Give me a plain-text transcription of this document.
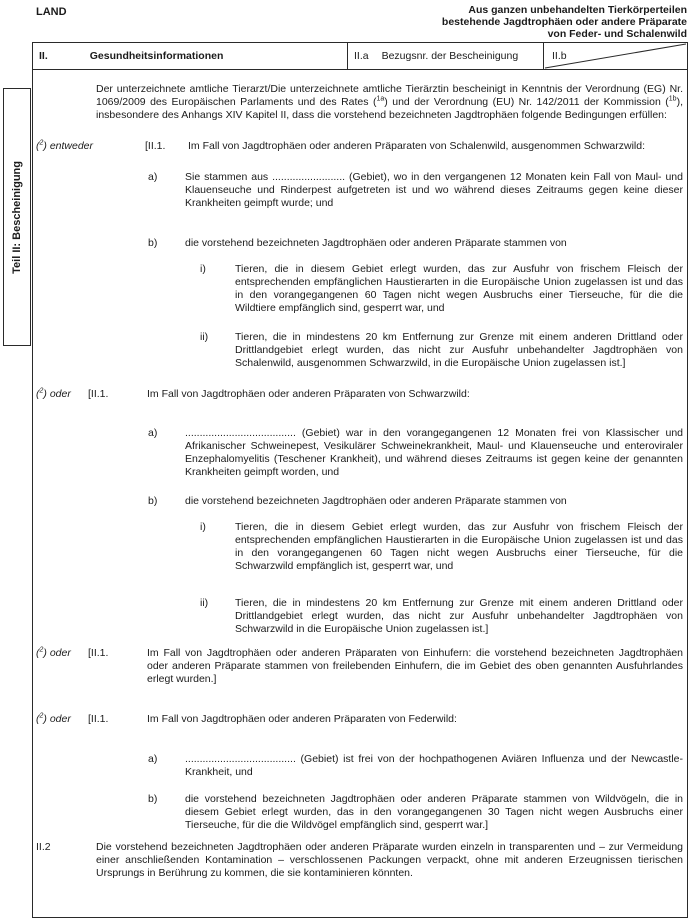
LAND	Aus ganzen unbehandelten Tierkörperteilen
bestehende Jagdtrophäen oder andere Präparate
von Feder- und Schalenwild
Teil II: Bescheinigung
II.	Gesundheitsinformationen	II.a Bezugsnr. der Bescheinigung	II.b
Der unterzeichnete amtliche Tierarzt/Die unterzeichnete amtliche Tierärztin bescheinigt in Kenntnis der Verordnung (EG) Nr. 1069/2009 des Europäischen Parlaments und des Rates ($^{1a}$) und der Verordnung (EU) Nr. 142/2011 der Kommission ($^{1b}$), insbesondere des Anhangs XIV Kapitel II, dass die vorstehend bezeichneten Jagdtrophäen folgende Bedingungen erfüllen:
($^2$) entweder	[II.1. Im Fall von Jagdtrophäen oder anderen Präparaten von Schalenwild, ausgenommen Schwarzwild:
a)	Sie stammen aus ......................... (Gebiet), wo in den vergangenen 12 Monaten kein Fall von Maul- und Klauenseuche und Rinderpest aufgetreten ist und wo während dieses Zeitraums gegen keine dieser Krankheiten geimpft wurde; und
b)	die vorstehend bezeichneten Jagdtrophäen oder anderen Präparate stammen von
i)	Tieren, die in diesem Gebiet erlegt wurden, das zur Ausfuhr von frischem Fleisch der entsprechenden empfänglichen Haustierarten in die Europäische Union zugelassen ist und das in den vorangegangenen 60 Tagen nicht wegen Ausbruchs einer Tierseuche, für die die Wildtiere empfänglich sind, gesperrt war, und
ii)	Tieren, die in mindestens 20 km Entfernung zur Grenze mit einem anderen Drittland oder Drittlandgebiet erlegt wurden, das nicht zur Ausfuhr unbehandelter Jagdtrophäen von Schalenwild, ausgenommen Schwarzwild, in die Europäische Union zugelassen ist.]
($^2$) oder [II.1.	Im Fall von Jagdtrophäen oder anderen Präparaten von Schwarzwild:
a)	...................................... (Gebiet) war in den vorangegangenen 12 Monaten frei von Klassischer und Afrikanischer Schweinepest, Vesikulärer Schweinekrankheit, Maul- und Klauenseuche und enteroviraler Enzephalomyelitis (Teschener Krankheit), und während dieses Zeitraums ist gegen keine der genannten Krankheiten geimpft worden, und
b)	die vorstehend bezeichneten Jagdtrophäen oder anderen Präparate stammen von
i)	Tieren, die in diesem Gebiet erlegt wurden, das zur Ausfuhr von frischem Fleisch der entsprechenden empfänglichen Haustierarten in die Europäische Union zugelassen ist und das in den vorangegangenen 60 Tagen nicht wegen Ausbruchs einer Tierseuche, für die Schwarzwild empfänglich ist, gesperrt war, und
ii)	Tieren, die in mindestens 20 km Entfernung zur Grenze mit einem anderen Drittland oder Drittlandgebiet erlegt wurden, das nicht zur Ausfuhr unbehandelter Jagdtrophäen von Schwarzwild in die Europäische Union zugelassen ist.]
($^2$) oder [II.1.	Im Fall von Jagdtrophäen oder anderen Präparaten von Einhufern: die vorstehend bezeichneten Jagdtrophäen oder anderen Präparate stammen von freilebenden Einhufern, die im Gebiet des oben genannten Ausfuhrlandes erlegt wurden.]
($^2$) oder [II.1.	Im Fall von Jagdtrophäen oder anderen Präparaten von Federwild:
a)	...................................... (Gebiet) ist frei von der hochpathogenen Aviären Influenza und der Newcastle-Krankheit, und
b)	die vorstehend bezeichneten Jagdtrophäen oder anderen Präparate stammen von Wildvögeln, die in diesem Gebiet erlegt wurden, das in den vorangegangenen 30 Tagen nicht wegen Ausbruchs einer Tierseuche, für die die Wildvögel empfänglich sind, gesperrt war.]
II.2	Die vorstehend bezeichneten Jagdtrophäen oder anderen Präparate wurden einzeln in transparenten und – zur Vermeidung einer anschließenden Kontamination – verschlossenen Packungen verpackt, ohne mit anderen Erzeugnissen tierischen Ursprungs in Berührung zu kommen, die sie kontaminieren könnten.
